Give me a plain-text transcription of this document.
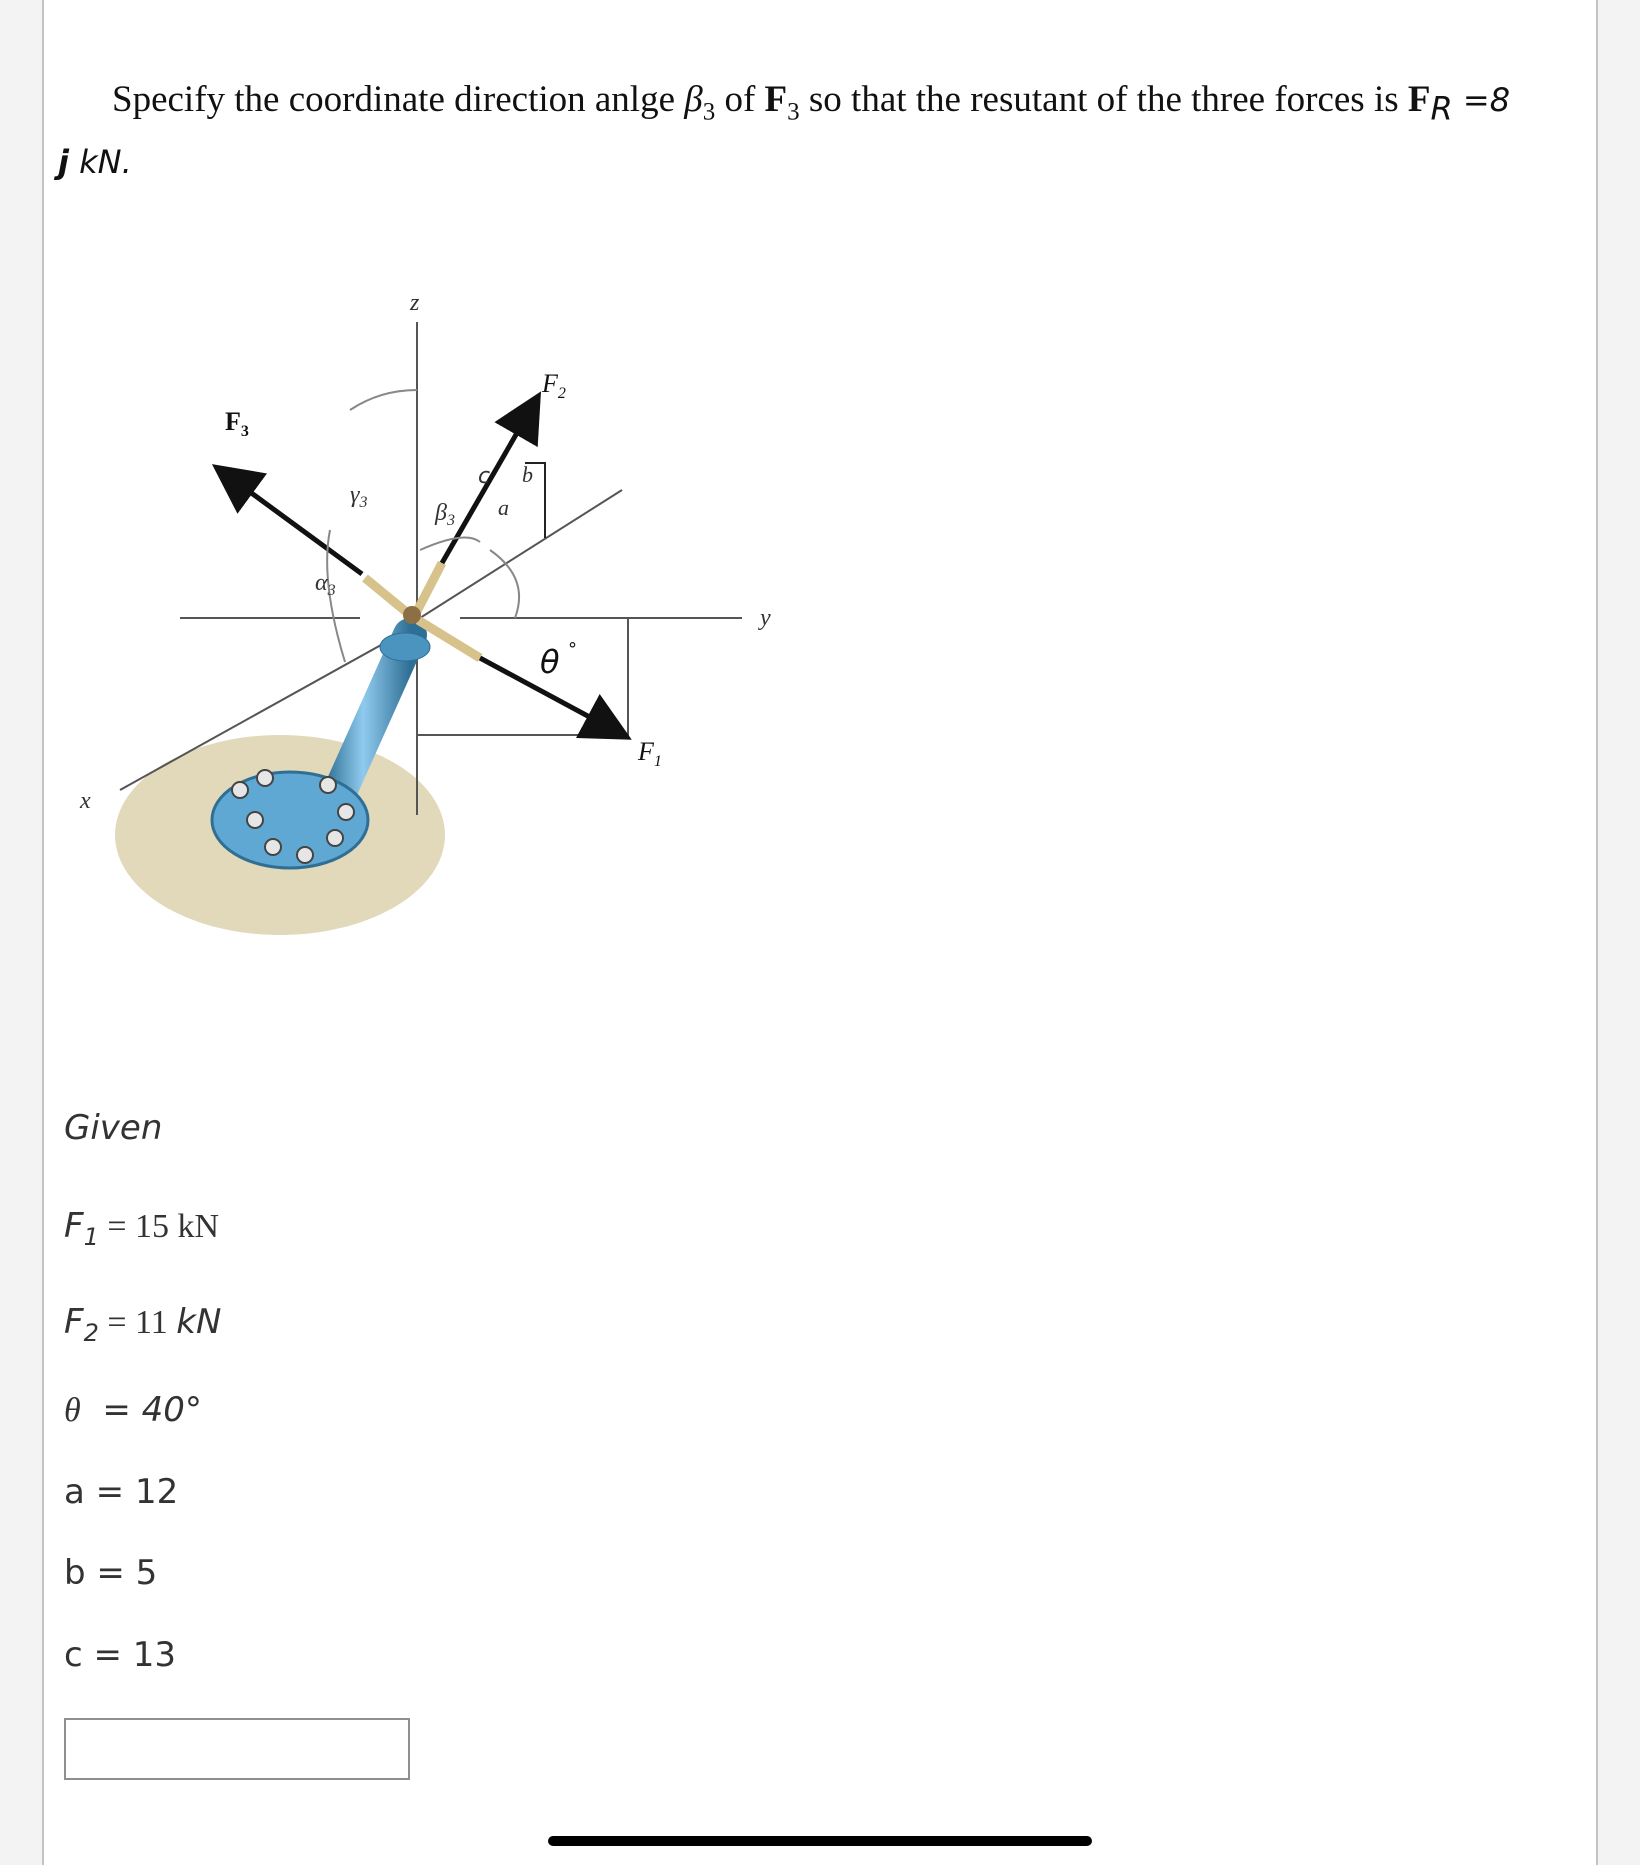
Specify the coordinate direction anlge $\beta_3$ of $F_3$ so that the resutant of the three forces is $F_R =8$
j kN.
z
y
x
$F_3$
$F_2$
$F_1$
$\gamma_3$	$\beta_3$
$\alpha_3$
c b
a
θ °
Given
$F_1 = 15$ kN
$F_2 = 11$ kN
θ  = 40°
a = 12
b = 5
c = 13
